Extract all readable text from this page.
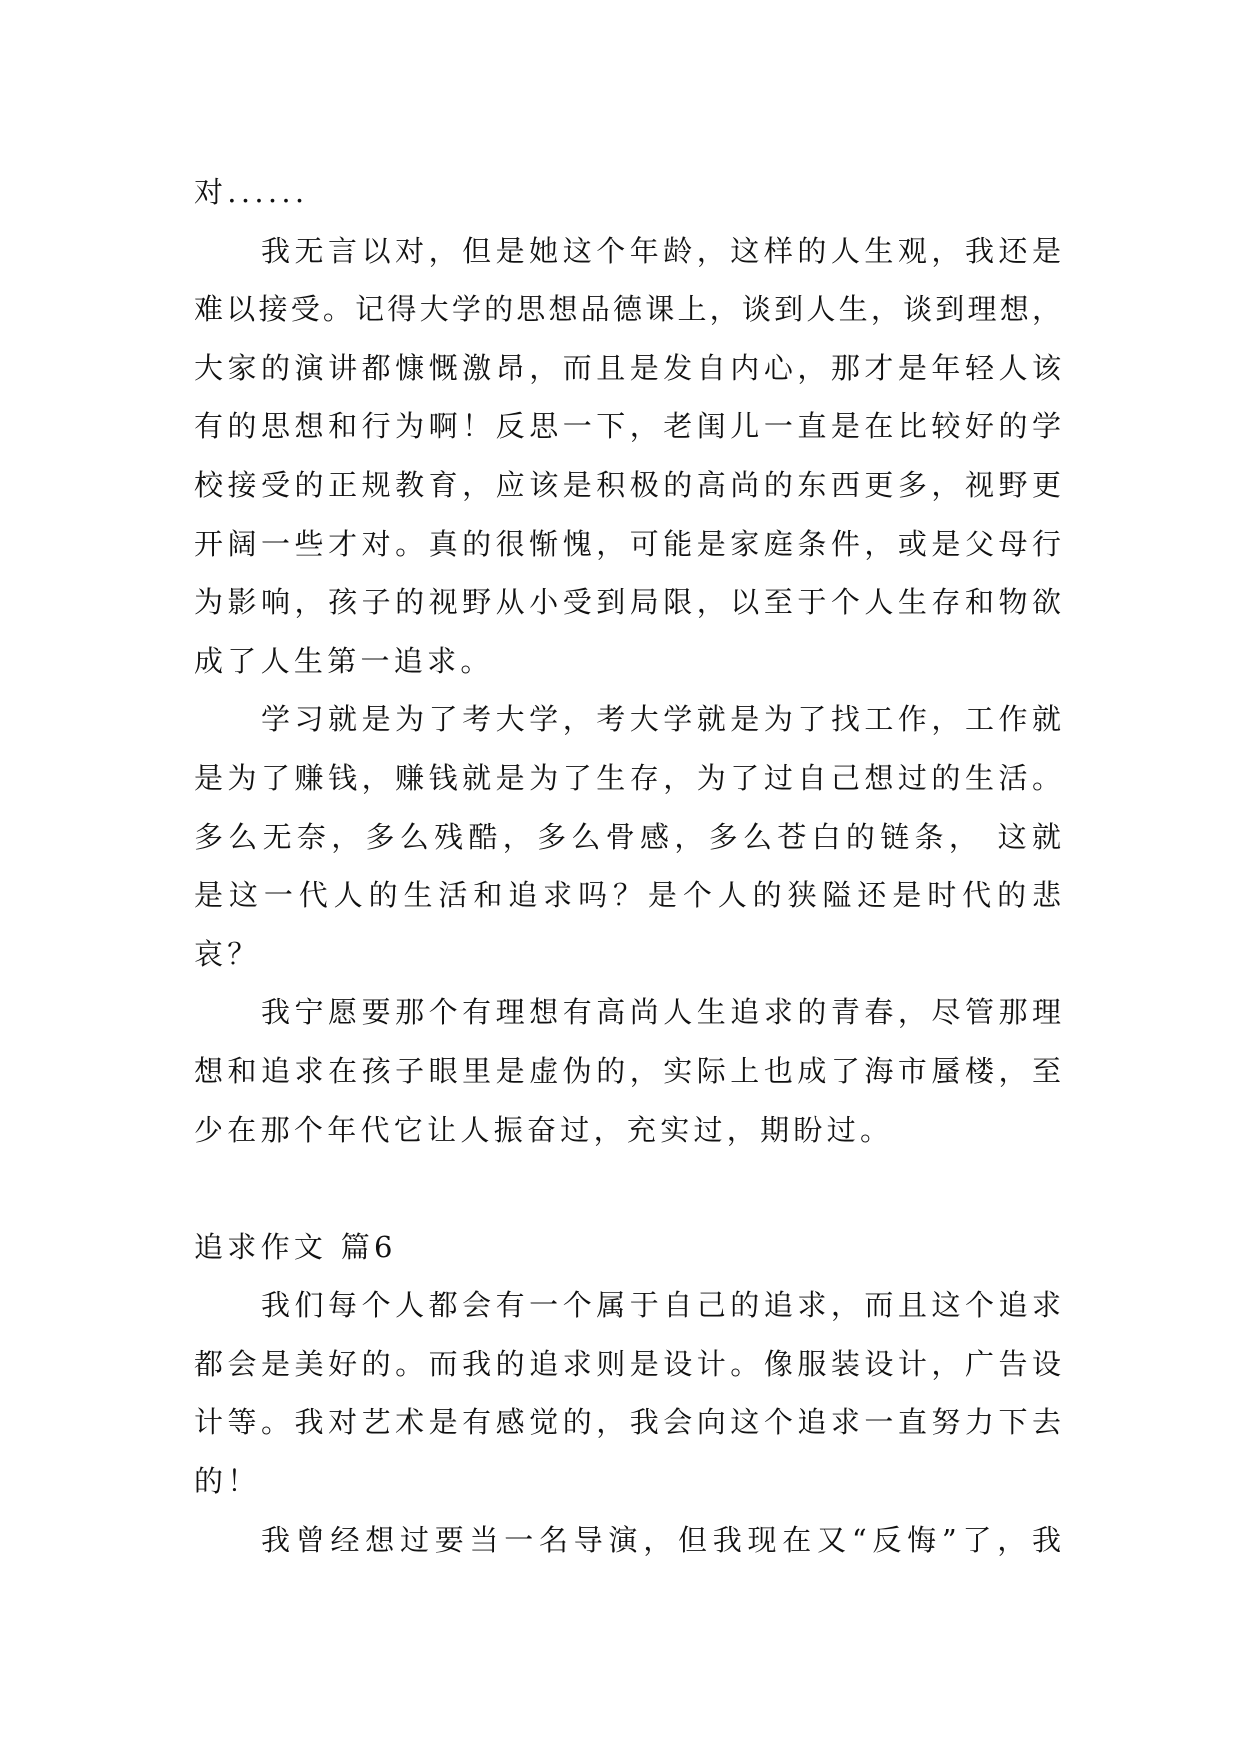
对......
我无言以对，但是她这个年龄，这样的人生观，我还是
难以接受。记得大学的思想品德课上，谈到人生，谈到理想，
大家的演讲都慷慨激昂，而且是发自内心，那才是年轻人该
有的思想和行为啊！反思一下，老闺儿一直是在比较好的学
校接受的正规教育，应该是积极的高尚的东西更多，视野更
开阔一些才对。真的很惭愧，可能是家庭条件，或是父母行
为影响，孩子的视野从小受到局限，以至于个人生存和物欲
成了人生第一追求。
学习就是为了考大学，考大学就是为了找工作，工作就
是为了赚钱，赚钱就是为了生存，为了过自己想过的生活。
多么无奈，多么残酷，多么骨感，多么苍白的链条， 这就
是这一代人的生活和追求吗？是个人的狭隘还是时代的悲
哀？
我宁愿要那个有理想有高尚人生追求的青春，尽管那理
想和追求在孩子眼里是虚伪的，实际上也成了海市蜃楼，至
少在那个年代它让人振奋过，充实过，期盼过。
追求作文 篇6
我们每个人都会有一个属于自己的追求，而且这个追求
都会是美好的。而我的追求则是设计。像服装设计，广告设
计等。我对艺术是有感觉的，我会向这个追求一直努力下去
的！
我曾经想过要当一名导演，但我现在又“反悔”了，我
